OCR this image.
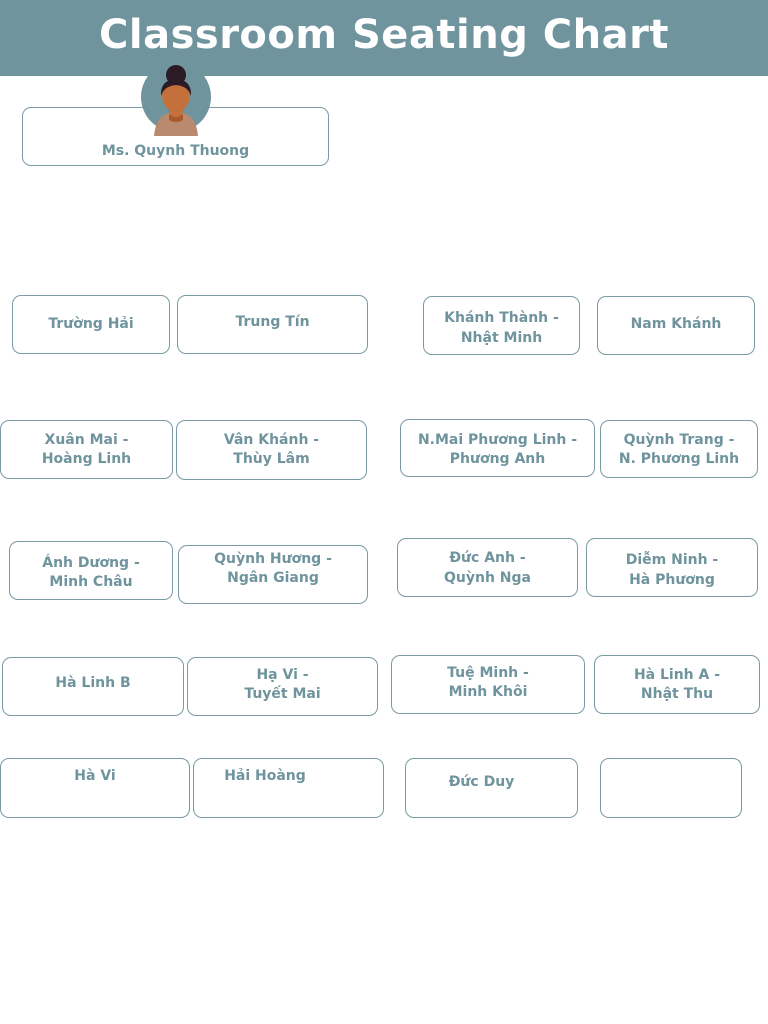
Classroom Seating Chart
Ms. Quynh Thuong
Trường Hải	Trung Tín	Khánh Thành -
Nhật Minh
Nam Khánh
Xuân Mai -
Hoàng Linh
Vân Khánh -
Thùy Lâm
N.Mai Phương Linh -
Phương Anh
Quỳnh Trang -
N. Phương Linh
Ánh Dương -
Minh Châu
Quỳnh Hương -
Ngân Giang
Đức Anh -
Quỳnh Nga
Diễm Ninh -
Hà Phương
Hà Linh B	Hạ Vi -
Tuyết Mai
Tuệ Minh -
Minh Khôi
Hà Linh A -
Nhật Thu
Hà Vi	Hải Hoàng	Đức Duy
